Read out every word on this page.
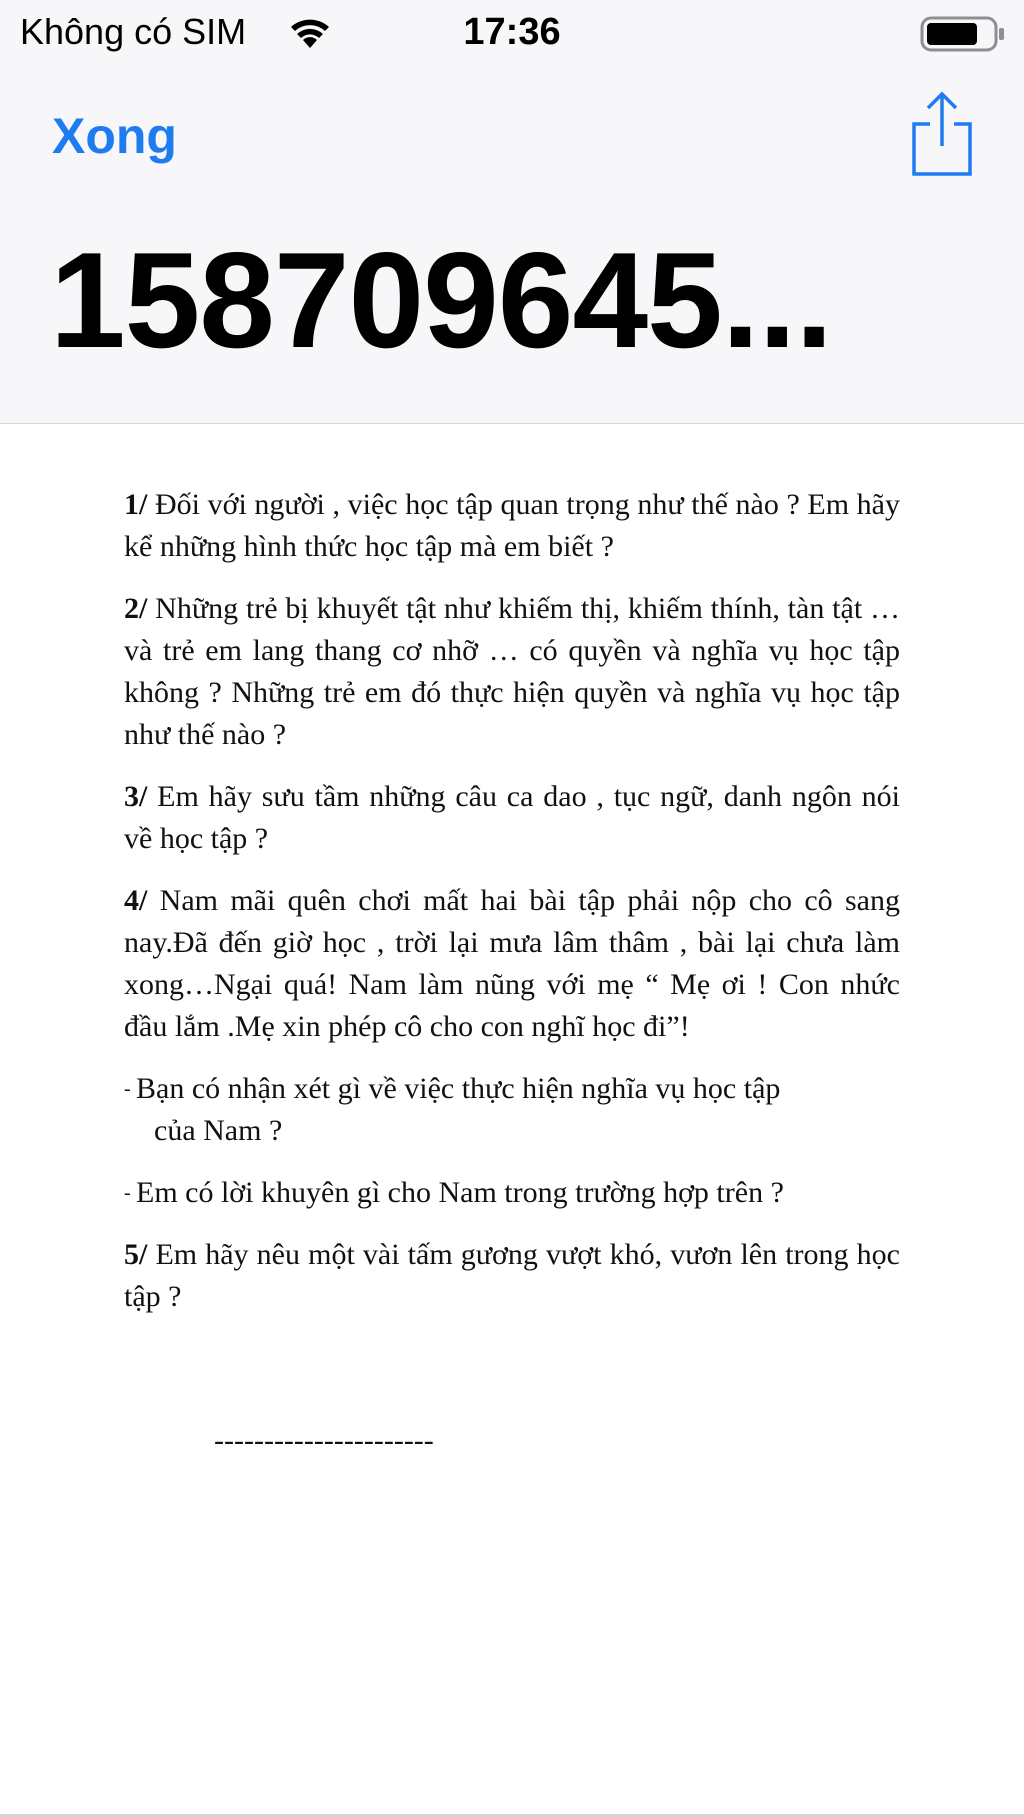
Không có SIM	17:36
Xong
158709645...

1/ Đối với người , việc học tập quan trọng như thế nào ? Em hãy kể những hình thức học tập mà em biết ?

2/ Những trẻ bị khuyết tật như khiếm thị, khiếm thính, tàn tật … và trẻ em lang thang cơ nhỡ … có quyền và nghĩa vụ học tập không ? Những trẻ em đó thực hiện quyền và nghĩa vụ học tập như thế nào ?

3/ Em hãy sưu tầm những câu ca dao , tục ngữ, danh ngôn nói về học tập ?

4/ Nam mãi quên chơi mất hai bài tập phải nộp cho cô sang nay.Đã đến giờ học , trời lại mưa lâm thâm , bài lại chưa làm xong…Ngại quá! Nam làm nũng với mẹ “ Mẹ ơi ! Con nhức đầu lắm .Mẹ xin phép cô cho con nghĩ học đi”!

- Bạn có nhận xét gì về việc thực hiện nghĩa vụ học tập
của Nam ?
- Em có lời khuyên gì cho Nam trong trường hợp trên ?

5/ Em hãy nêu một vài tấm gương vượt khó, vươn lên trong học tập ?

----------------------
